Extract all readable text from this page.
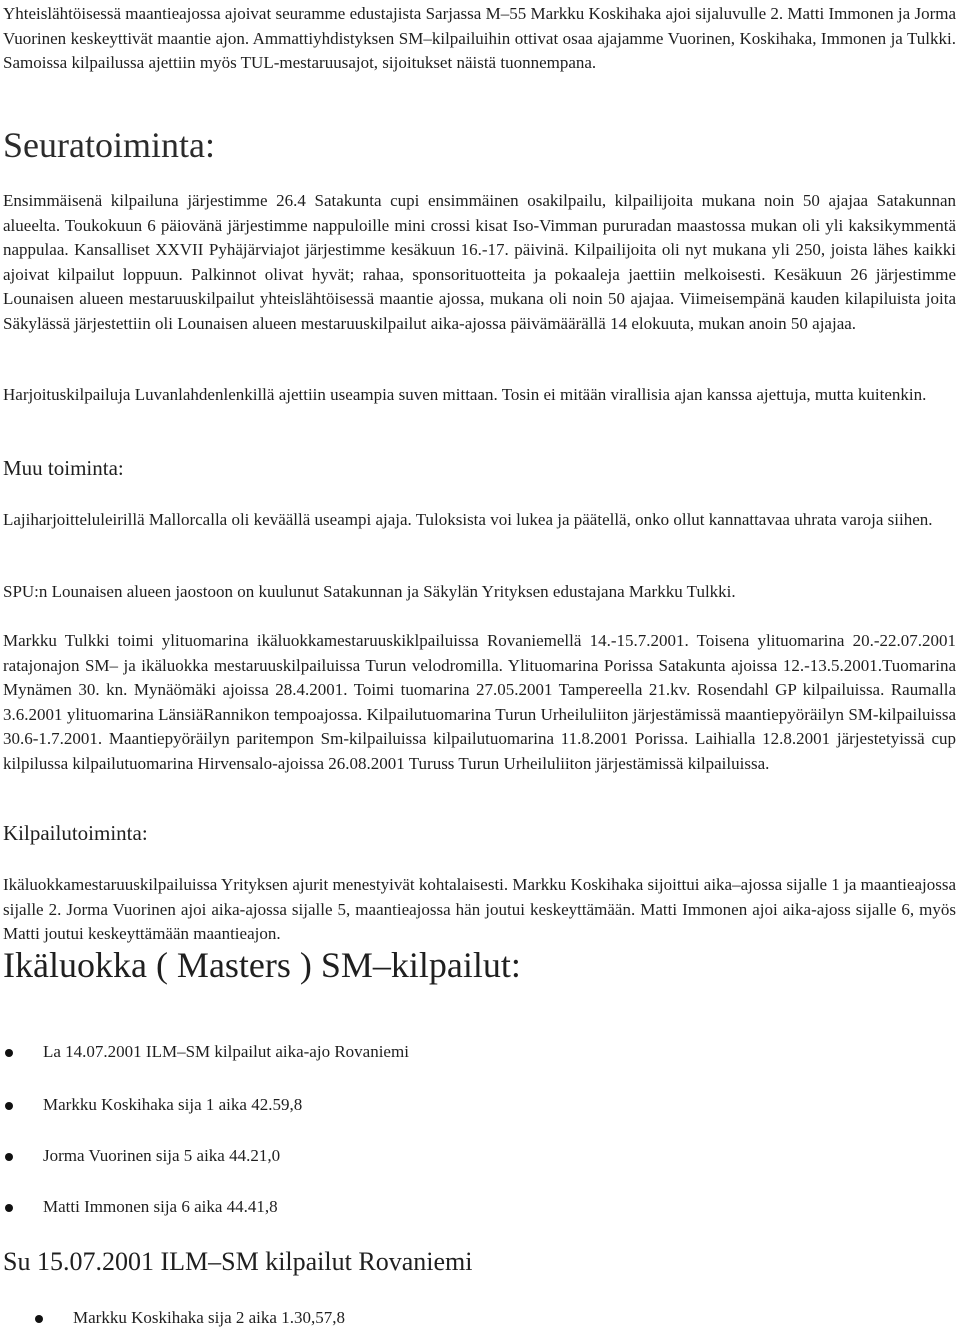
Yhteislähtöisessä maantieajossa ajoivat seuramme edustajista Sarjassa M–55 Markku Koskihaka ajoi sijaluvulle 2. Matti Immonen ja Jorma Vuorinen keskeyttivät maantie ajon. Ammattiyhdistyksen SM–kilpailuihin ottivat osaa ajajamme Vuorinen, Koskihaka, Immonen ja Tulkki. Samoissa kilpailussa ajettiin myös TUL-mestaruusajot, sijoitukset näistä tuonnempana.

Seuratoiminta:

Ensimmäisenä kilpailuna järjestimme 26.4 Satakunta cupi ensimmäinen osakilpailu, kilpailijoita mukana noin 50 ajajaa Satakunnan alueelta. Toukokuun 6 päiovänä järjestimme nappuloille mini crossi kisat Iso-Vimman pururadan maastossa mukan oli yli kaksikymmentä nappulaa. Kansalliset XXVII Pyhäjärviajot järjestimme kesäkuun 16.-17. päivinä. Kilpailijoita oli nyt mukana yli 250, joista lähes kaikki ajoivat kilpailut loppuun. Palkinnot olivat hyvät; rahaa, sponsorituotteita ja pokaaleja jaettiin melkoisesti. Kesäkuun 26 järjestimme Lounaisen alueen mestaruuskilpailut yhteislähtöisessä maantie ajossa, mukana oli noin 50 ajajaa. Viimeisempänä kauden kilapiluista joita Säkylässä järjestettiin oli Lounaisen alueen mestaruuskilpailut aika-ajossa päivämäärällä 14 elokuuta, mukan anoin 50 ajajaa.

Harjoituskilpailuja Luvanlahdenlenkillä ajettiin useampia suven mittaan. Tosin ei mitään virallisia ajan kanssa ajettuja, mutta kuitenkin.

Muu toiminta:

Lajiharjoitteluleirillä Mallorcalla oli keväällä useampi ajaja. Tuloksista voi lukea ja päätellä, onko ollut kannattavaa uhrata varoja siihen.

SPU:n Lounaisen alueen jaostoon on kuulunut Satakunnan ja Säkylän Yrityksen edustajana Markku Tulkki.

Markku Tulkki toimi ylituomarina ikäluokkamestaruuskiklpailuissa Rovaniemellä 14.-15.7.2001. Toisena ylituomarina 20.-22.07.2001 ratajonajon SM– ja ikäluokka mestaruuskilpailuissa Turun velodromilla. Ylituomarina Porissa Satakunta ajoissa 12.-13.5.2001.Tuomarina Mynämen 30. kn. Mynäömäki ajoissa 28.4.2001. Toimi tuomarina 27.05.2001 Tampereella 21.kv. Rosendahl GP kilpailuissa. Raumalla 3.6.2001 ylituomarina LänsiäRannikon tempoajossa. Kilpailutuomarina Turun Urheiluliiton järjestämissä maantiepyöräilyn SM-kilpailuissa 30.6-1.7.2001. Maantiepyöräilyn paritempon Sm-kilpailuissa kilpailutuomarina 11.8.2001 Porissa. Laihialla 12.8.2001 järjestetyissä cup kilpilussa kilpailutuomarina Hirvensalo-ajoissa 26.08.2001 Turuss Turun Urheiluliiton järjestämissä kilpailuissa.

Kilpailutoiminta:

Ikäluokkamestaruuskilpailuissa Yrityksen ajurit menestyivät kohtalaisesti. Markku Koskihaka sijoittui aika–ajossa sijalle 1 ja maantieajossa sijalle 2. Jorma Vuorinen ajoi aika-ajossa sijalle 5, maantieajossa hän joutui keskeyttämään. Matti Immonen ajoi aika-ajoss sijalle 6, myös Matti joutui keskeyttämään maantieajon.

Ikäluokka ( Masters ) SM–kilpailut:
La 14.07.2001 ILM–SM kilpailut aika-ajo Rovaniemi
Markku Koskihaka sija 1 aika 42.59,8
Jorma Vuorinen sija 5 aika 44.21,0
Matti Immonen sija 6 aika 44.41,8
Su 15.07.2001 ILM–SM kilpailut Rovaniemi
Markku Koskihaka sija 2 aika 1.30,57,8
